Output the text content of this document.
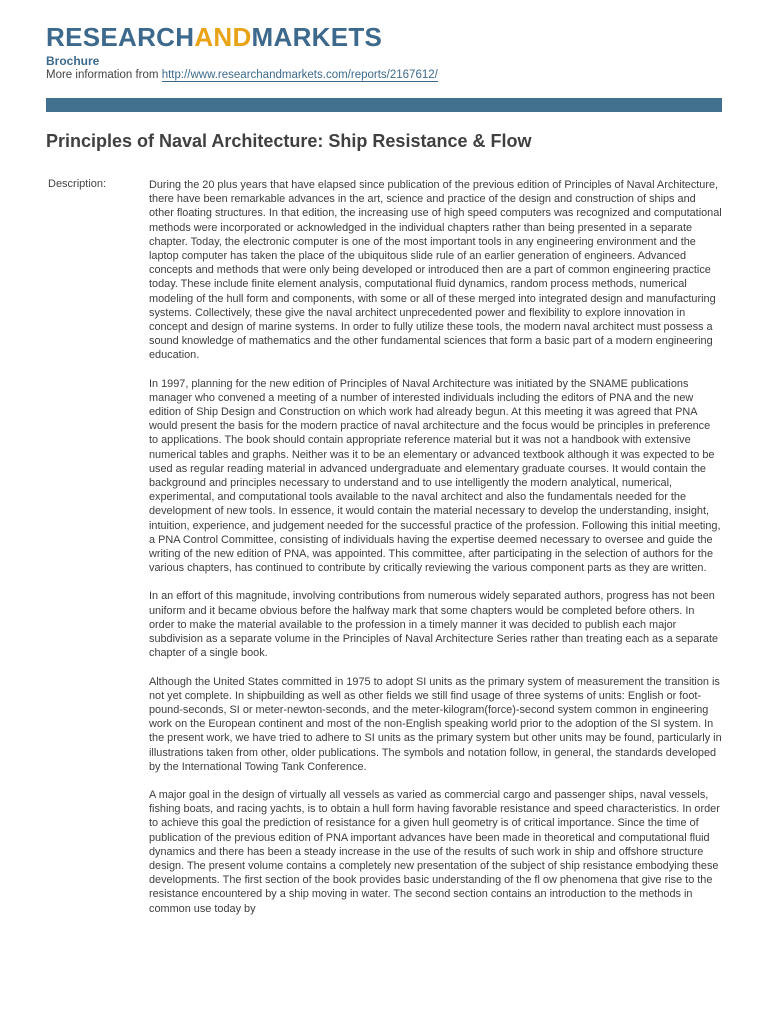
RESEARCHANDMARKETS
Brochure
More information from http://www.researchandmarkets.com/reports/2167612/
Principles of Naval Architecture: Ship Resistance & Flow
Description:	During the 20 plus years that have elapsed since publication of the previous edition of Principles of Naval Architecture, there have been remarkable advances in the art, science and practice of the design and construction of ships and other floating structures. In that edition, the increasing use of high speed computers was recognized and computational methods were incorporated or acknowledged in the individual chapters rather than being presented in a separate chapter. Today, the electronic computer is one of the most important tools in any engineering environment and the laptop computer has taken the place of the ubiquitous slide rule of an earlier generation of engineers. Advanced concepts and methods that were only being developed or introduced then are a part of common engineering practice today. These include finite element analysis, computational fluid dynamics, random process methods, numerical modeling of the hull form and components, with some or all of these merged into integrated design and manufacturing systems. Collectively, these give the naval architect unprecedented power and flexibility to explore innovation in concept and design of marine systems. In order to fully utilize these tools, the modern naval architect must possess a sound knowledge of mathematics and the other fundamental sciences that form a basic part of a modern engineering education.

In 1997, planning for the new edition of Principles of Naval Architecture was initiated by the SNAME publications manager who convened a meeting of a number of interested individuals including the editors of PNA and the new edition of Ship Design and Construction on which work had already begun. At this meeting it was agreed that PNA would present the basis for the modern practice of naval architecture and the focus would be principles in preference to applications. The book should contain appropriate reference material but it was not a handbook with extensive numerical tables and graphs. Neither was it to be an elementary or advanced textbook although it was expected to be used as regular reading material in advanced undergraduate and elementary graduate courses. It would contain the background and principles necessary to understand and to use intelligently the modern analytical, numerical, experimental, and computational tools available to the naval architect and also the fundamentals needed for the development of new tools. In essence, it would contain the material necessary to develop the understanding, insight, intuition, experience, and judgement needed for the successful practice of the profession. Following this initial meeting, a PNA Control Committee, consisting of individuals having the expertise deemed necessary to oversee and guide the writing of the new edition of PNA, was appointed. This committee, after participating in the selection of authors for the various chapters, has continued to contribute by critically reviewing the various component parts as they are written.

In an effort of this magnitude, involving contributions from numerous widely separated authors, progress has not been uniform and it became obvious before the halfway mark that some chapters would be completed before others. In order to make the material available to the profession in a timely manner it was decided to publish each major subdivision as a separate volume in the Principles of Naval Architecture Series rather than treating each as a separate chapter of a single book.

Although the United States committed in 1975 to adopt SI units as the primary system of measurement the transition is not yet complete. In shipbuilding as well as other fields we still find usage of three systems of units: English or foot-pound-seconds, SI or meter-newton-seconds, and the meter-kilogram(force)-second system common in engineering work on the European continent and most of the non-English speaking world prior to the adoption of the SI system. In the present work, we have tried to adhere to SI units as the primary system but other units may be found, particularly in illustrations taken from other, older publications. The symbols and notation follow, in general, the standards developed by the International Towing Tank Conference.

A major goal in the design of virtually all vessels as varied as commercial cargo and passenger ships, naval vessels, fishing boats, and racing yachts, is to obtain a hull form having favorable resistance and speed characteristics. In order to achieve this goal the prediction of resistance for a given hull geometry is of critical importance. Since the time of publication of the previous edition of PNA important advances have been made in theoretical and computational fluid dynamics and there has been a steady increase in the use of the results of such work in ship and offshore structure design. The present volume contains a completely new presentation of the subject of ship resistance embodying these developments. The first section of the book provides basic understanding of the fl ow phenomena that give rise to the resistance encountered by a ship moving in water. The second section contains an introduction to the methods in common use today by
